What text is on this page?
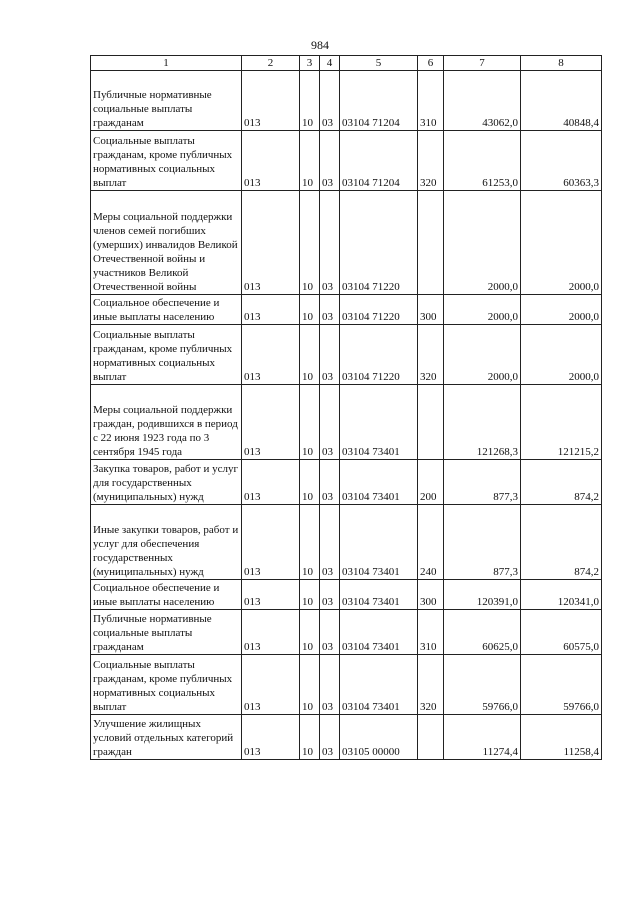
984
1	2	3	4	5	6	7	8
Публичные нормативные социальные выплаты гражданам	013	10	03	03104 71204	310	43062,0	40848,4
Социальные выплаты гражданам, кроме публичных нормативных социальных выплат	013	10	03	03104 71204	320	61253,0	60363,3
Меры социальной поддержки членов семей погибших (умерших) инвалидов Великой Отечественной войны и участников Великой Отечественной войны	013	10	03	03104 71220		2000,0	2000,0
Социальное обеспечение и иные выплаты населению	013	10	03	03104 71220	300	2000,0	2000,0
Социальные выплаты гражданам, кроме публичных нормативных социальных выплат	013	10	03	03104 71220	320	2000,0	2000,0
Меры социальной поддержки граждан, родившихся в период с 22 июня 1923 года по 3 сентября 1945 года	013	10	03	03104 73401		121268,3	121215,2
Закупка товаров, работ и услуг для государственных (муниципальных) нужд	013	10	03	03104 73401	200	877,3	874,2
Иные закупки товаров, работ и услуг для обеспечения государственных (муниципальных) нужд	013	10	03	03104 73401	240	877,3	874,2
Социальное обеспечение и иные выплаты населению	013	10	03	03104 73401	300	120391,0	120341,0
Публичные нормативные социальные выплаты гражданам	013	10	03	03104 73401	310	60625,0	60575,0
Социальные выплаты гражданам, кроме публичных нормативных социальных выплат	013	10	03	03104 73401	320	59766,0	59766,0
Улучшение жилищных условий отдельных категорий граждан	013	10	03	03105 00000		11274,4	11258,4
